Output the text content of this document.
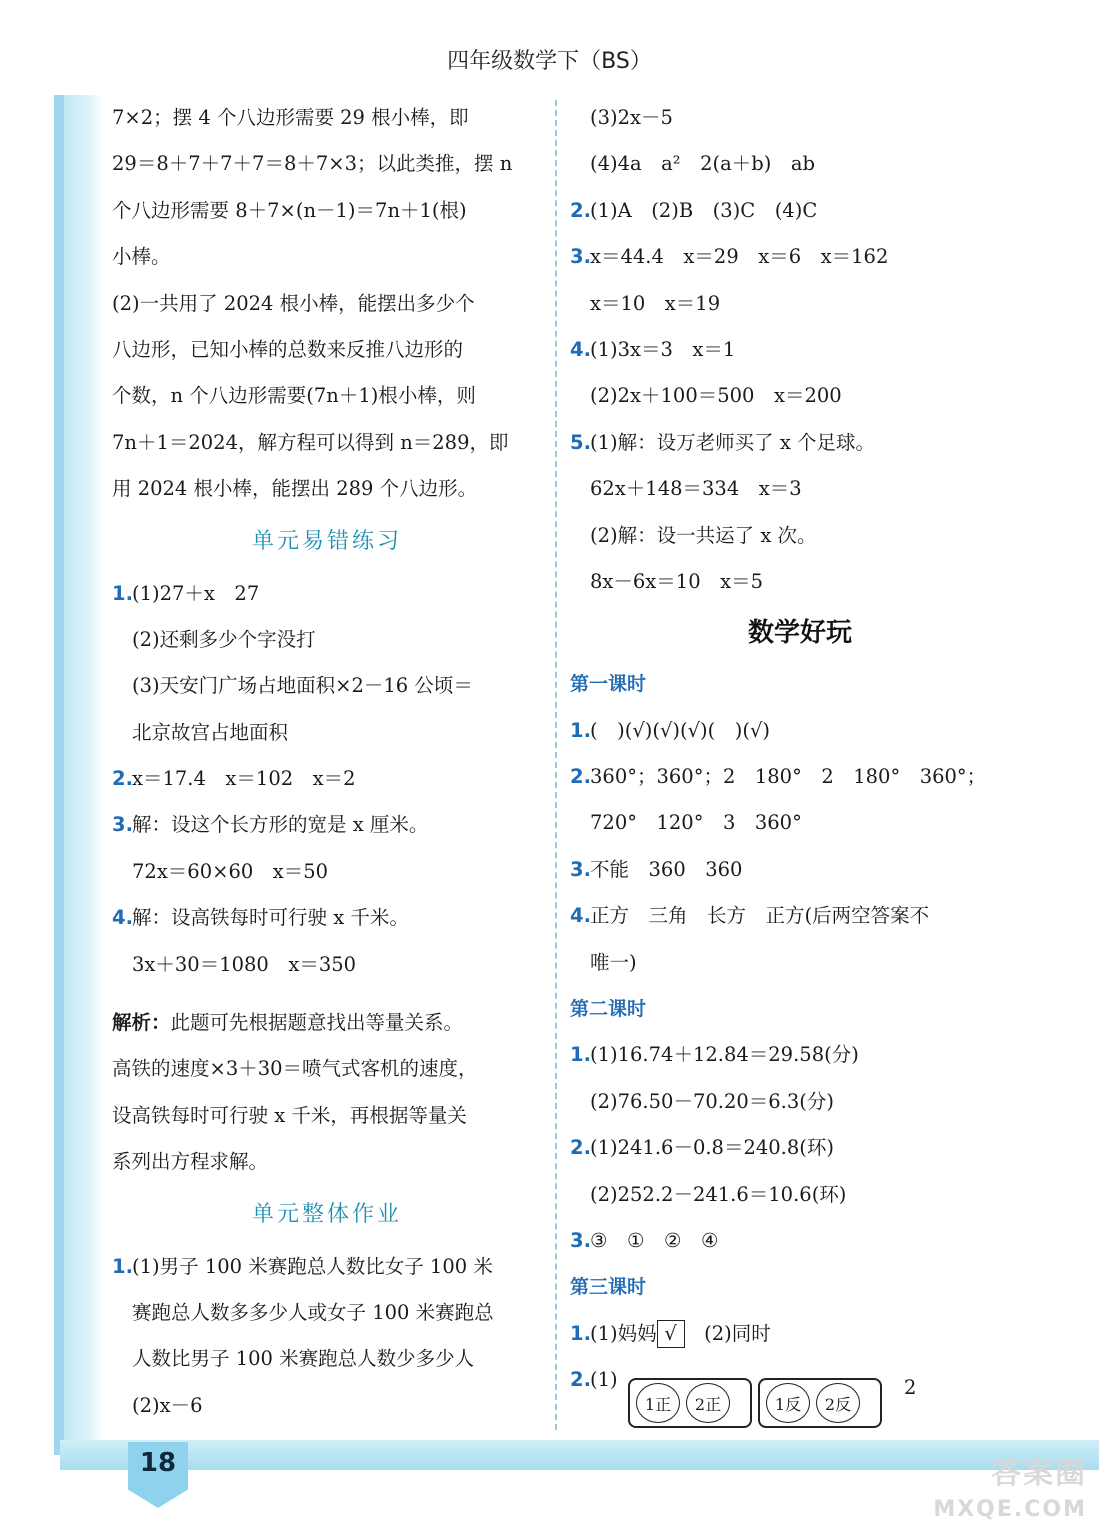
18
四年级数学下（BS）
7×2；摆 4 个八边形需要 29 根小棒，即
29＝8＋7＋7＋7＝8＋7×3；以此类推，摆 n
个八边形需要 8＋7×(n－1)＝7n＋1(根)
小棒。
(2)一共用了 2024 根小棒，能摆出多少个
八边形，已知小棒的总数来反推八边形的
个数，n 个八边形需要(7n＋1)根小棒，则
7n＋1＝2024，解方程可以得到 n＝289，即
用 2024 根小棒，能摆出 289 个八边形。
单元易错练习
1.(1)27＋x　27
(2)还剩多少个字没打
(3)天安门广场占地面积×2－16 公顷＝
北京故宫占地面积
2.x＝17.4　x＝102　x＝2
3.解：设这个长方形的宽是 x 厘米。
72x＝60×60　x＝50
4.解：设高铁每时可行驶 x 千米。
3x＋30＝1080　x＝350
解析：此题可先根据题意找出等量关系。
高铁的速度×3＋30＝喷气式客机的速度，
设高铁每时可行驶 x 千米，再根据等量关
系列出方程求解。
单元整体作业
1.(1)男子 100 米赛跑总人数比女子 100 米
赛跑总人数多多少人或女子 100 米赛跑总
人数比男子 100 米赛跑总人数少多少人
(2)x－6
(3)2x－5
(4)4a　a²　2(a＋b)　ab
2.(1)A　(2)B　(3)C　(4)C
3.x＝44.4　x＝29　x＝6　x＝162
x＝10　x＝19
4.(1)3x＝3　x＝1
(2)2x＋100＝500　x＝200
5.(1)解：设万老师买了 x 个足球。
62x＋148＝334　x＝3
(2)解：设一共运了 x 次。
8x－6x＝10　x＝5
数学好玩
第一课时
1.(　)(√)(√)(√)(　)(√)
2.360°；360°；2　180°　2　180°　360°；
720°　120°　3　360°
3.不能　360　360
4.正方　三角　长方　正方(后两空答案不
唯一)
第二课时
1.(1)16.74＋12.84＝29.58(分)
(2)76.50－70.20＝6.3(分)
2.(1)241.6－0.8＝240.8(环)
(2)252.2－241.6＝10.6(环)
3.③　①　②　④
第三课时
1.(1)妈妈 √　 (2)同时
2.(1)
1正	2正	1反	2反
2
答案圈
MXQE.COM
